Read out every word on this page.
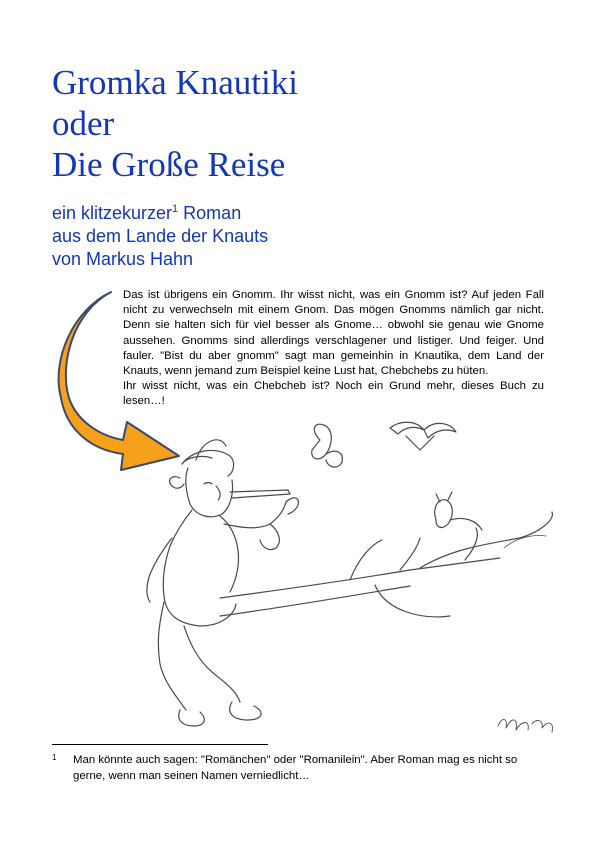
Gromka Knautiki
oder
Die Große Reise
ein klitzekurzer$^1$ Roman
aus dem Lande der Knauts
von Markus Hahn

Das ist übrigens ein Gnomm. Ihr wisst nicht, was ein Gnomm ist? Auf jeden Fall nicht zu verwechseln mit einem Gnom. Das mögen Gnomms nämlich gar nicht. Denn sie halten sich für viel besser als Gnome… obwohl sie genau wie Gnome aussehen. Gnomms sind allerdings verschlagener und listiger. Und feiger. Und fauler. "Bist du aber gnomm" sagt man gemeinhin in Knautika, dem Land der Knauts, wenn jemand zum Beispiel keine Lust hat, Chebchebs zu hüten.

Ihr wisst nicht, was ein Chebcheb ist? Noch ein Grund mehr, dieses Buch zu lesen…!

1 Man könnte auch sagen: "Romänchen" oder "Romanilein". Aber Roman mag es nicht so gerne, wenn man seinen Namen verniedlicht…
